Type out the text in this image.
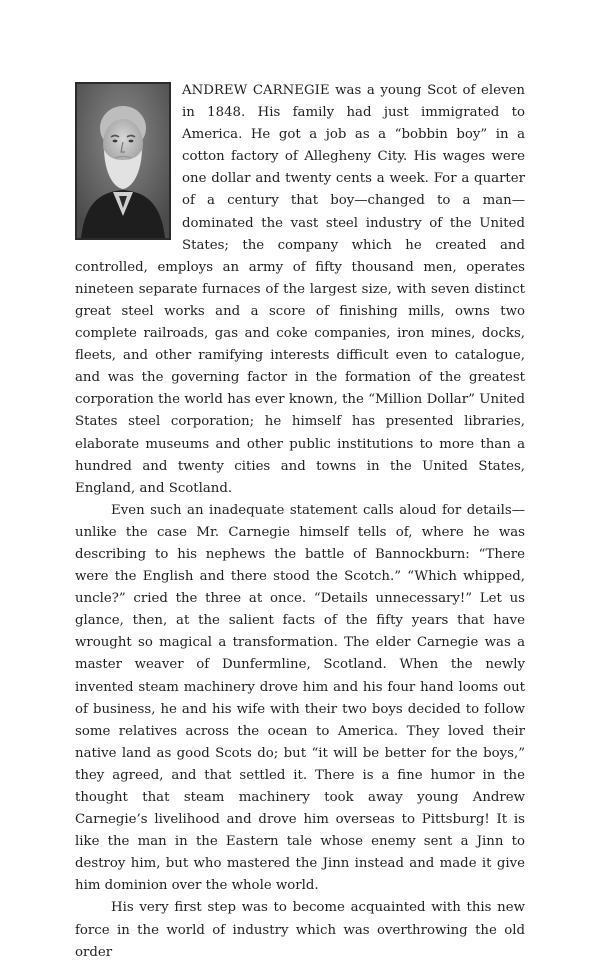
ANDREW CARNEGIE was a young Scot of eleven in 1848. His family had just immigrated to America. He got a job as a “bobbin boy” in a cotton factory of Allegheny City. His wages were one dollar and twenty cents a week. For a quarter of a century that boy—changed to a man—dominated the vast steel industry of the United States; the company which he created and controlled, employs an army of fifty thousand men, operates nineteen separate furnaces of the largest size, with seven distinct great steel works and a score of finishing mills, owns two complete railroads, gas and coke companies, iron mines, docks, fleets, and other ramifying interests difficult even to catalogue, and was the governing factor in the formation of the greatest corporation the world has ever known, the “Million Dollar” United States steel corporation; he himself has presented libraries, elaborate museums and other public institutions to more than a hundred and twenty cities and towns in the United States, England, and Scotland.

Even such an inadequate statement calls aloud for details—unlike the case Mr. Carnegie himself tells of, where he was describing to his nephews the battle of Bannockburn: “There were the English and there stood the Scotch.” “Which whipped, uncle?” cried the three at once. “Details unnecessary!” Let us glance, then, at the salient facts of the fifty years that have wrought so magical a transformation. The elder Carnegie was a master weaver of Dunfermline, Scotland. When the newly invented steam machinery drove him and his four hand looms out of business, he and his wife with their two boys decided to follow some relatives across the ocean to America. They loved their native land as good Scots do; but “it will be better for the boys,” they agreed, and that settled it. There is a fine humor in the thought that steam machinery took away young Andrew Carnegie’s livelihood and drove him overseas to Pittsburg! It is like the man in the Eastern tale whose enemy sent a Jinn to destroy him, but who mastered the Jinn instead and made it give him dominion over the whole world.

His very first step was to become acquainted with this new force in the world of industry which was overthrowing the old order
